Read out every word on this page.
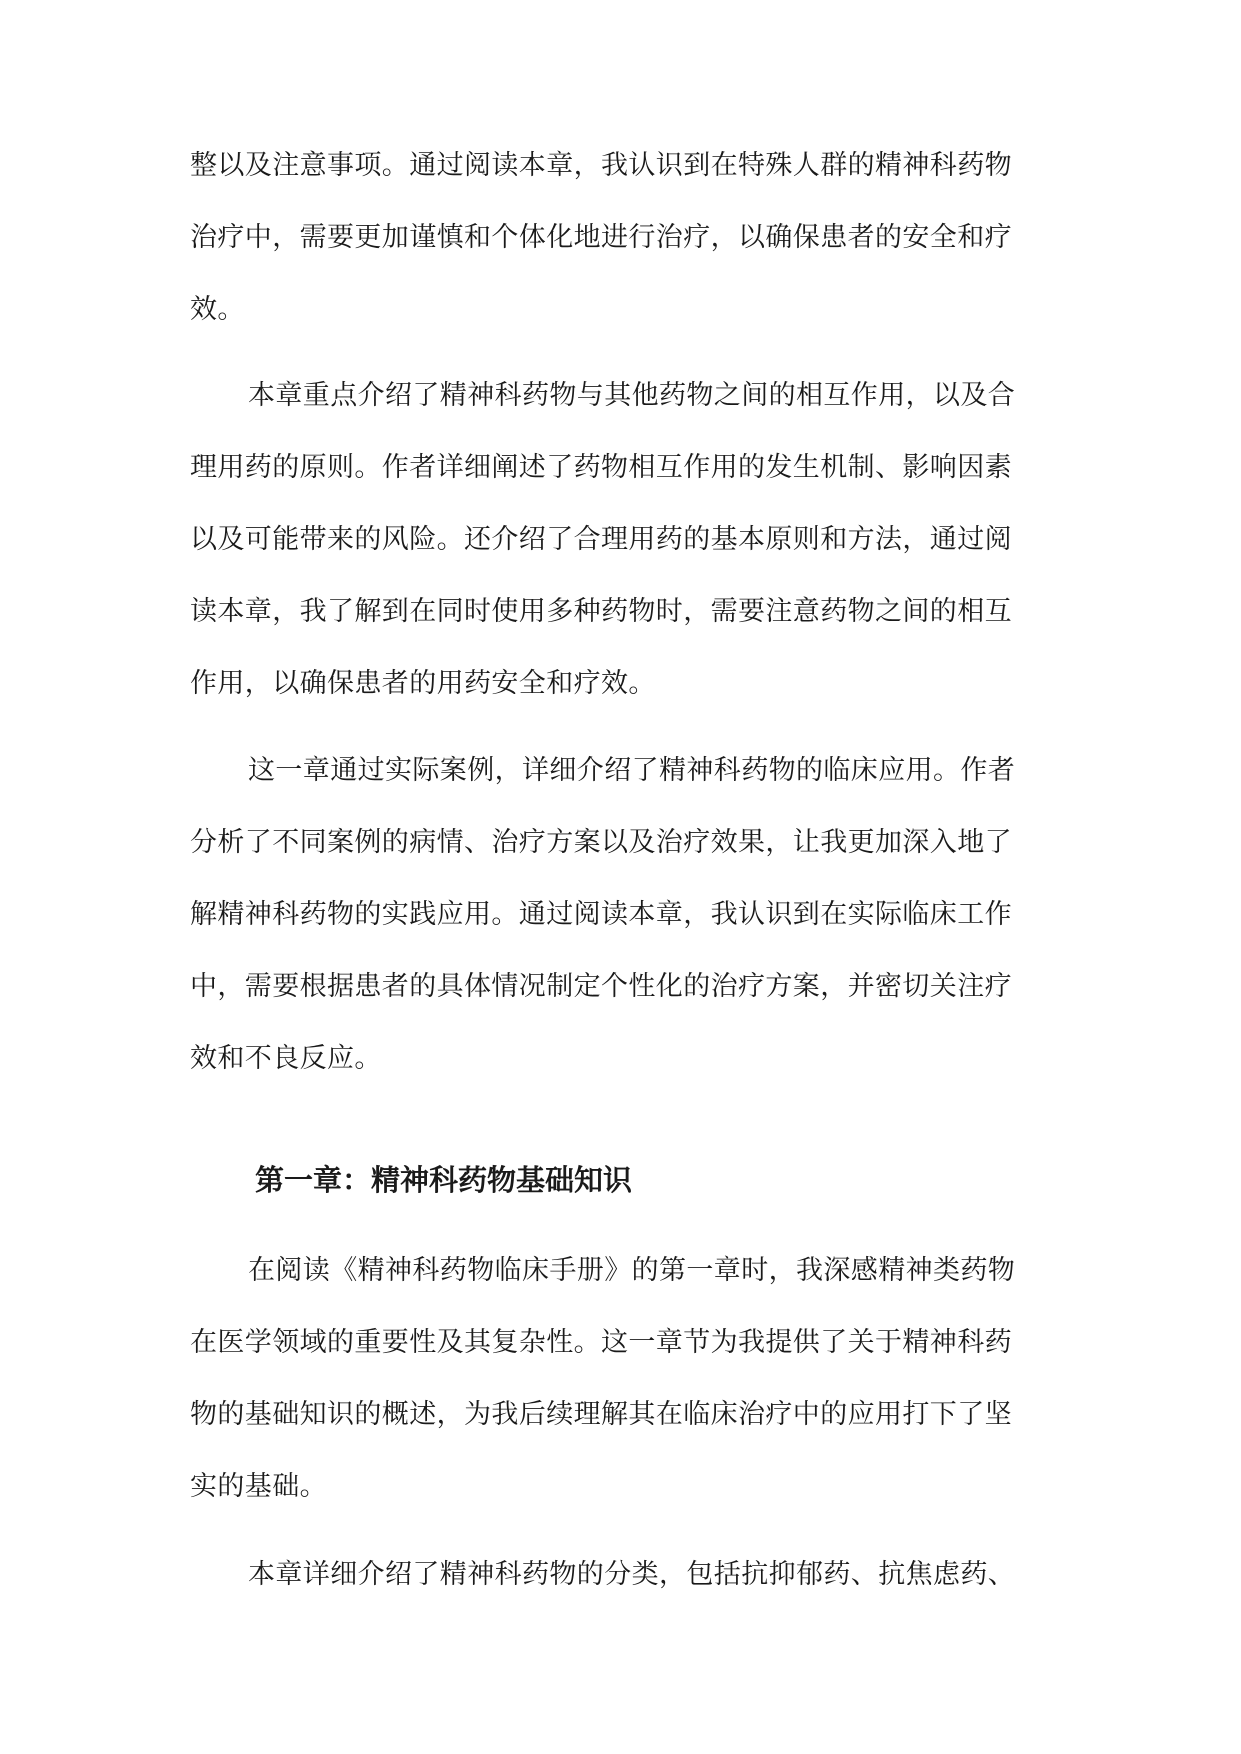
整以及注意事项。通过阅读本章，我认识到在特殊人群的精神科药物
治疗中，需要更加谨慎和个体化地进行治疗，以确保患者的安全和疗
效。
本章重点介绍了精神科药物与其他药物之间的相互作用，以及合
理用药的原则。作者详细阐述了药物相互作用的发生机制、影响因素
以及可能带来的风险。还介绍了合理用药的基本原则和方法，通过阅
读本章，我了解到在同时使用多种药物时，需要注意药物之间的相互
作用，以确保患者的用药安全和疗效。
这一章通过实际案例，详细介绍了精神科药物的临床应用。作者
分析了不同案例的病情、治疗方案以及治疗效果，让我更加深入地了
解精神科药物的实践应用。通过阅读本章，我认识到在实际临床工作
中，需要根据患者的具体情况制定个性化的治疗方案，并密切关注疗
效和不良反应。
第一章：精神科药物基础知识
在阅读《精神科药物临床手册》的第一章时，我深感精神类药物
在医学领域的重要性及其复杂性。这一章节为我提供了关于精神科药
物的基础知识的概述，为我后续理解其在临床治疗中的应用打下了坚
实的基础。
本章详细介绍了精神科药物的分类，包括抗抑郁药、抗焦虑药、
